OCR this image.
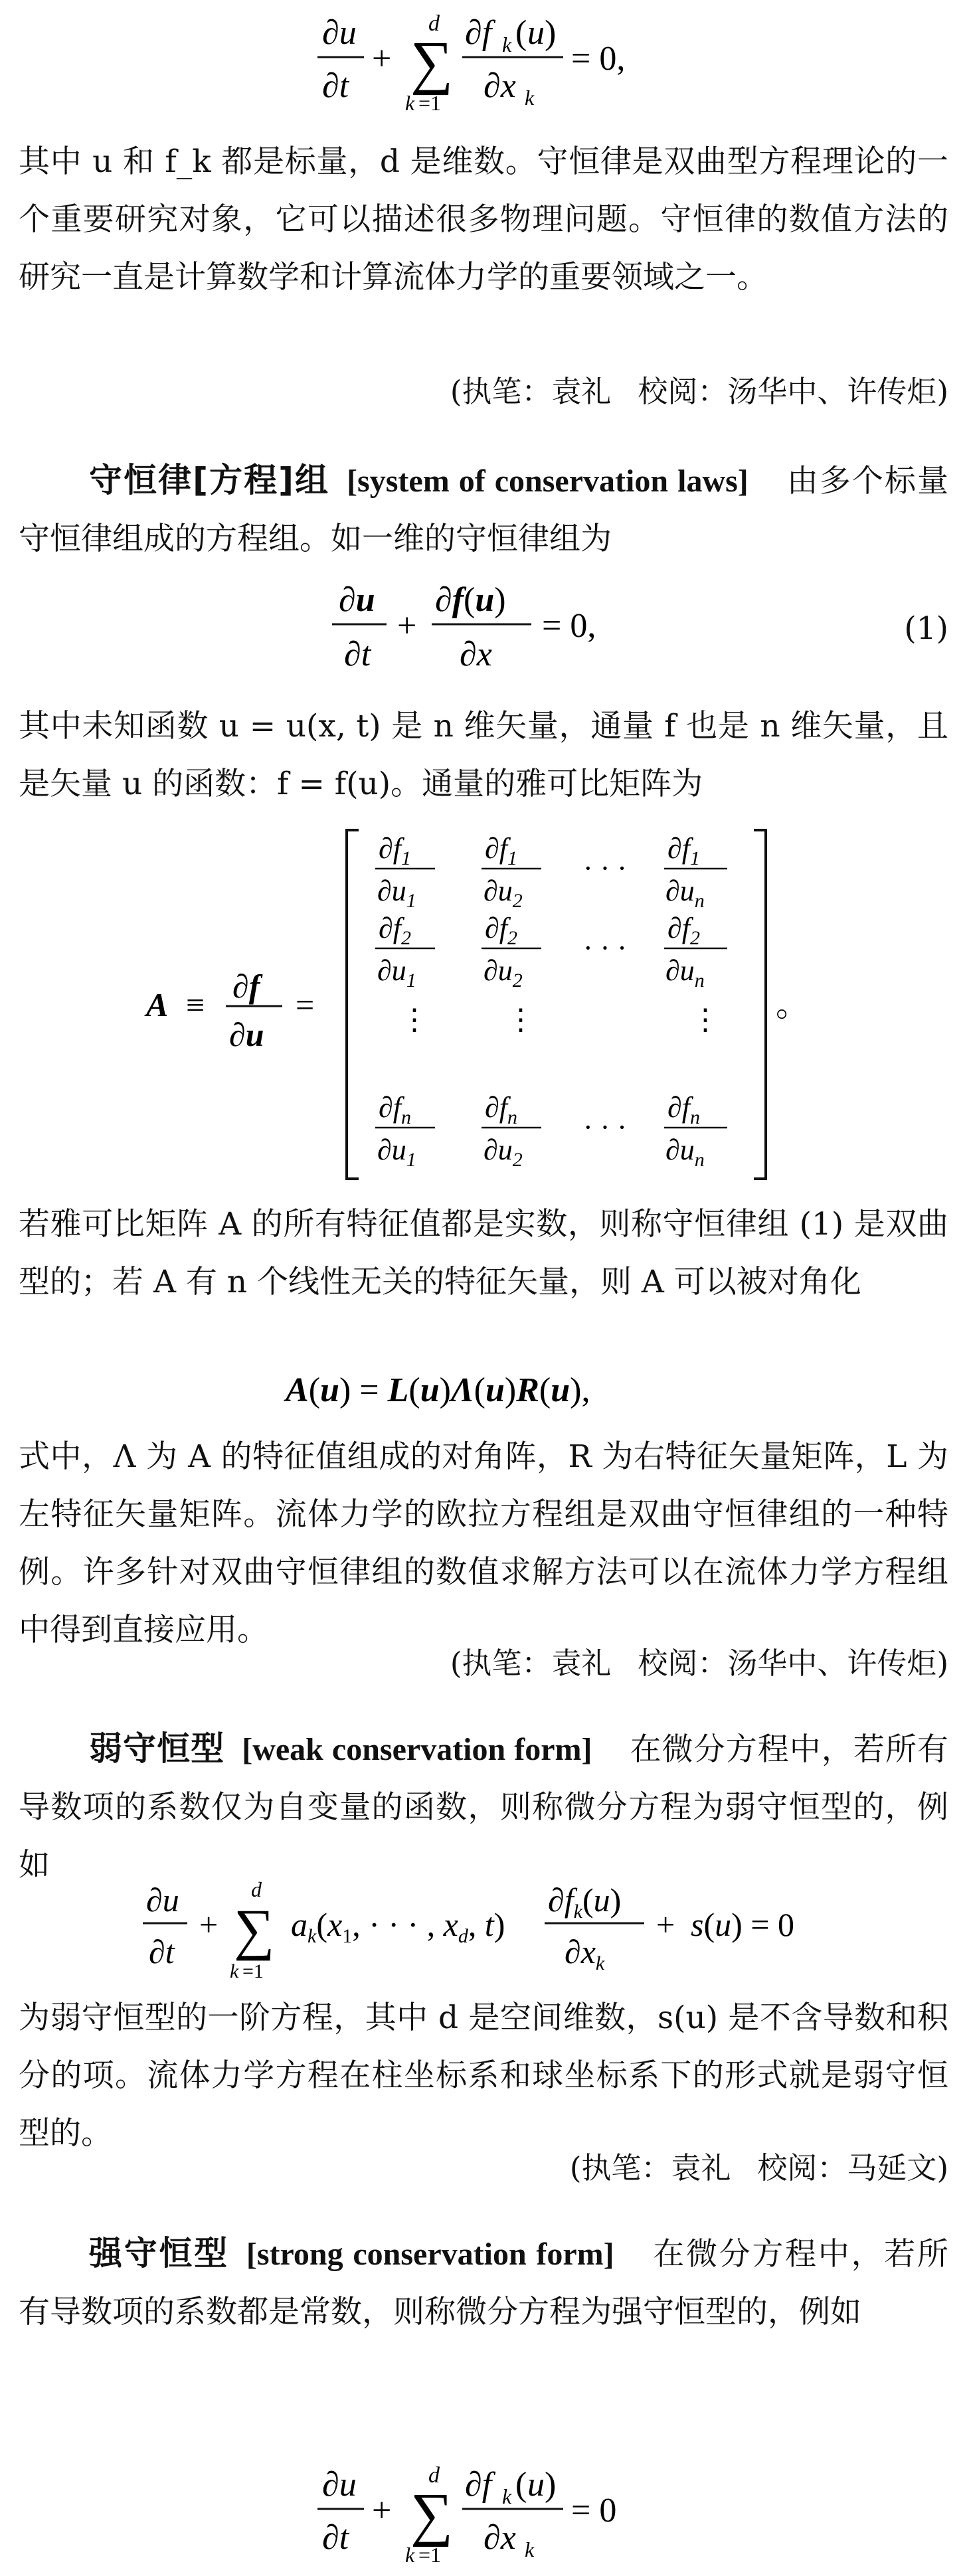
∂u
∂t
+
d
∑
k =1
∂f k ( u )
∂x k
= 0,
其中 u 和 f_k 都是标量，d 是维数。守恒律是双曲型方程理论的一个重要研究对象，它可以描述很多物理问题。守恒律的数值方法的研究一直是计算数学和计算流体力学的重要领域之一。
(执笔：袁礼 校阅：汤华中、许传炬)
守恒律[方程]组 [system of conservation laws] 由多个标量守恒律组成的方程组。如一维的守恒律组为
∂u
∂t
+
∂f(u)
∂x
= 0,	(1)
其中未知函数 u = u(x, t) 是 n 维矢量，通量 f 也是 n 维矢量，且是矢量 u 的函数：f = f(u)。通量的雅可比矩阵为
A ≡ ∂f
∂u
=	。
$\partial f_1$
$\partial u_1$
$\partial f_1$
$\partial u_2$
· · ·
$\partial f_1$
$\partial u_n$
$\partial f_2$
$\partial u_1$
$\partial f_2$
$\partial u_2$
· · ·
$\partial f_2$
$\partial u_n$
⋮	⋮	⋮
$\partial f_n$
$\partial u_1$
$\partial f_n$
$\partial u_2$
· · ·
$\partial f_n$
$\partial u_n$
若雅可比矩阵 A 的所有特征值都是实数，则称守恒律组 (1) 是双曲型的；若 A 有 n 个线性无关的特征矢量，则 A 可以被对角化
A(u) = L(u)Λ(u)R(u),
式中，Λ 为 A 的特征值组成的对角阵，R 为右特征矢量矩阵，L 为左特征矢量矩阵。流体力学的欧拉方程组是双曲守恒律组的一种特例。许多针对双曲守恒律组的数值求解方法可以在流体力学方程组中得到直接应用。
(执笔：袁礼 校阅：汤华中、许传炬)
弱守恒型 [weak conservation form] 在微分方程中，若所有导数项的系数仅为自变量的函数，则称微分方程为弱守恒型的，例如
∂u
∂t
+
d
∑
k =1
$a_k(x_1$, · · · , $x_d$, t)
$\partial f_k(u)$
$\partial x_k$
+ s(u) = 0
为弱守恒型的一阶方程，其中 d 是空间维数，s(u) 是不含导数和积分的项。流体力学方程在柱坐标系和球坐标系下的形式就是弱守恒型的。
(执笔：袁礼 校阅：马延文)
强守恒型 [strong conservation form] 在微分方程中，若所有导数项的系数都是常数，则称微分方程为强守恒型的，例如
∂u
∂t
+
d
∑
k =1
∂f k ( u )
∂x k
= 0
